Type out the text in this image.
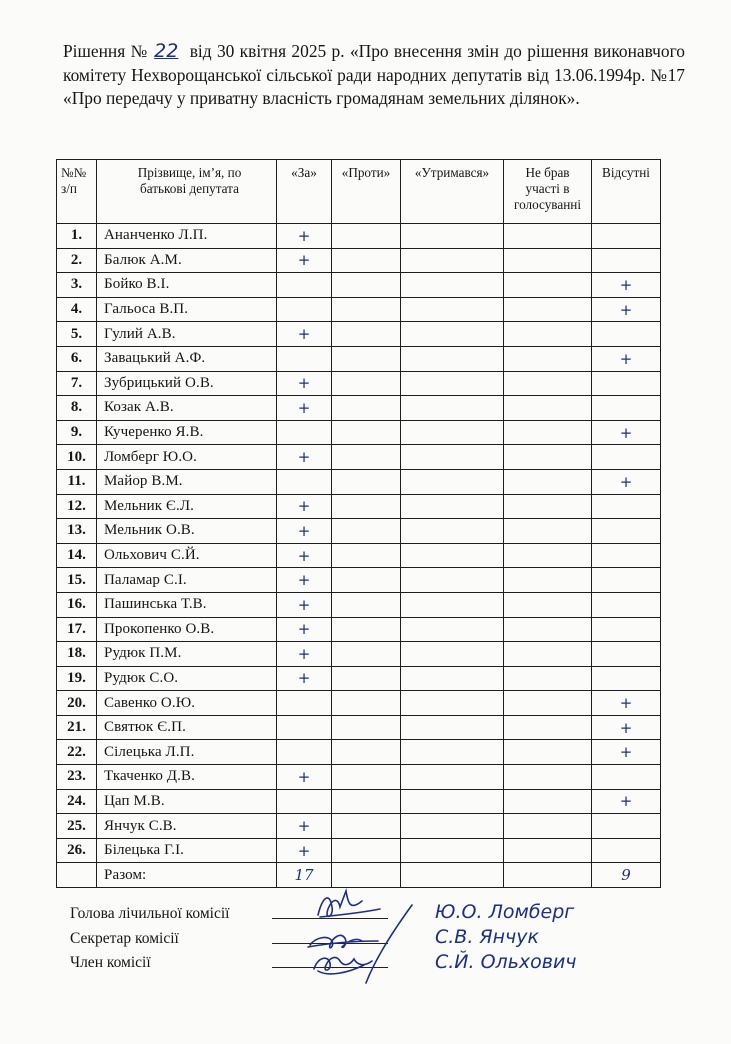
Рішення № 22 від 30 квітня 2025 р. «Про внесення змін до рішення виконавчого комітету Нехворощанської сільської ради народних депутатів від 13.06.1994р. №17 «Про передачу у приватну власність громадянам земельних ділянок».
№№ з/п	Прізвище, ім’я, по батькові депутата	«За»	«Проти»	«Утримався»	Не брав участі в голосуванні	Відсутні
1.	Ананченко Л.П.	+				
2.	Балюк А.М.	+				
3.	Бойко В.І.					+
4.	Гальоса В.П.					+
5.	Гулий А.В.	+				
6.	Завацький А.Ф.					+
7.	Зубрицький О.В.	+				
8.	Козак А.В.	+				
9.	Кучеренко Я.В.					+
10.	Ломберг Ю.О.	+				
11.	Майор В.М.					+
12.	Мельник Є.Л.	+				
13.	Мельник О.В.	+				
14.	Ольхович С.Й.	+				
15.	Паламар С.І.	+				
16.	Пашинська Т.В.	+				
17.	Прокопенко О.В.	+				
18.	Рудюк П.М.	+				
19.	Рудюк С.О.	+				
20.	Савенко О.Ю.					+
21.	Святюк Є.П.					+
22.	Сілецька Л.П.					+
23.	Ткаченко Д.В.	+				
24.	Цап М.В.					+
25.	Янчук С.В.	+				
26.	Білецька Г.І.	+				
	Разом:	17				9
Голова лічильної комісії
Секретар комісії
Член комісії
Ю.О. Ломберг
С.В. Янчук
С.Й. Ольхович
